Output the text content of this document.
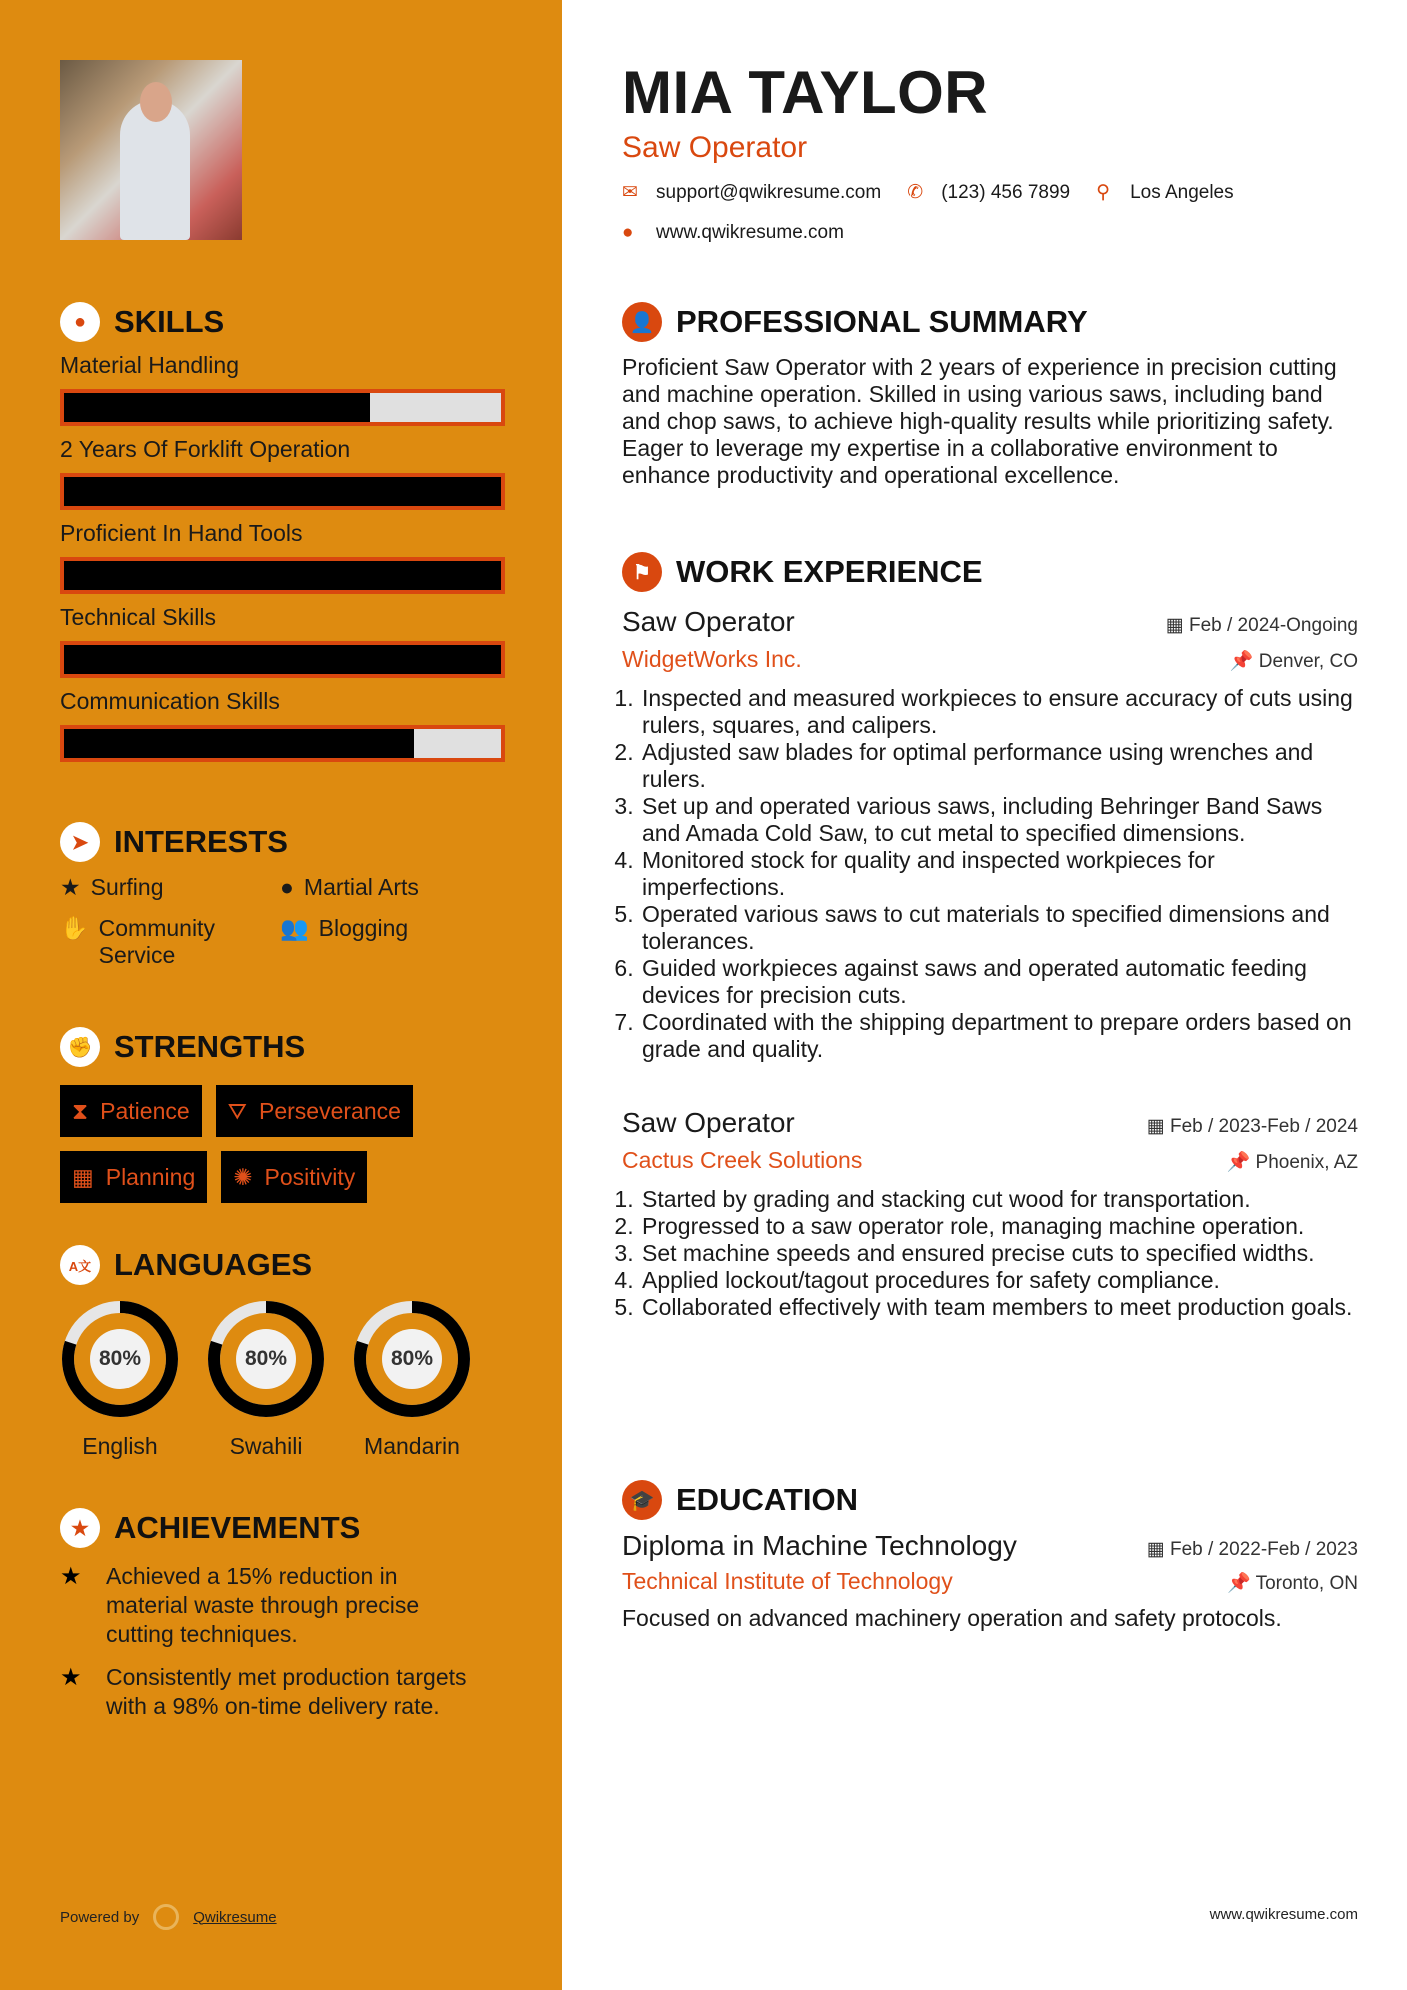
● SKILLS
Material Handling
2 Years Of Forklift Operation
Proficient In Hand Tools
Technical Skills
Communication Skills
➤ INTERESTS
★ Surfing	● Martial Arts
✋ Community Service
👥 Blogging
✊ STRENGTHS
⧗ Patience ⛛ Perseverance
▦ Planning ✺ Positivity
A文 LANGUAGES
80%
English
80%
Swahili
80%
Mandarin
★ ACHIEVEMENTS
★	Achieved a 15% reduction in material waste through precise cutting techniques.
★	Consistently met production targets with a 98% on-time delivery rate.
Powered by	Qwikresume
MIA TAYLOR
Saw Operator
✉ support@qwikresume.com ✆ (123) 456 7899 ⚲	Los Angeles
●	www.qwikresume.com
👤 PROFESSIONAL SUMMARY

Proficient Saw Operator with 2 years of experience in precision cutting and machine operation. Skilled in using various saws, including band and chop saws, to achieve high-quality results while prioritizing safety. Eager to leverage my expertise in a collaborative environment to enhance productivity and operational excellence.

⚑ WORK EXPERIENCE
Saw Operator	▦ Feb / 2024-Ongoing
WidgetWorks Inc.	📌 Denver, CO
1. Inspected and measured workpieces to ensure accuracy of cuts using rulers, squares, and calipers.
2. Adjusted saw blades for optimal performance using wrenches and rulers.
3. Set up and operated various saws, including Behringer Band Saws and Amada Cold Saw, to cut metal to specified dimensions.
4. Monitored stock for quality and inspected workpieces for imperfections.
5. Operated various saws to cut materials to specified dimensions and tolerances.
6. Guided workpieces against saws and operated automatic feeding devices for precision cuts.
7. Coordinated with the shipping department to prepare orders based on grade and quality.
Saw Operator	▦ Feb / 2023-Feb / 2024
Cactus Creek Solutions	📌 Phoenix, AZ
1. Started by grading and stacking cut wood for transportation.
2. Progressed to a saw operator role, managing machine operation.
3. Set machine speeds and ensured precise cuts to specified widths.
4. Applied lockout/tagout procedures for safety compliance.
5. Collaborated effectively with team members to meet production goals.
🎓 EDUCATION
Diploma in Machine Technology	▦ Feb / 2022-Feb / 2023
Technical Institute of Technology	📌 Toronto, ON

Focused on advanced machinery operation and safety protocols.

www.qwikresume.com
